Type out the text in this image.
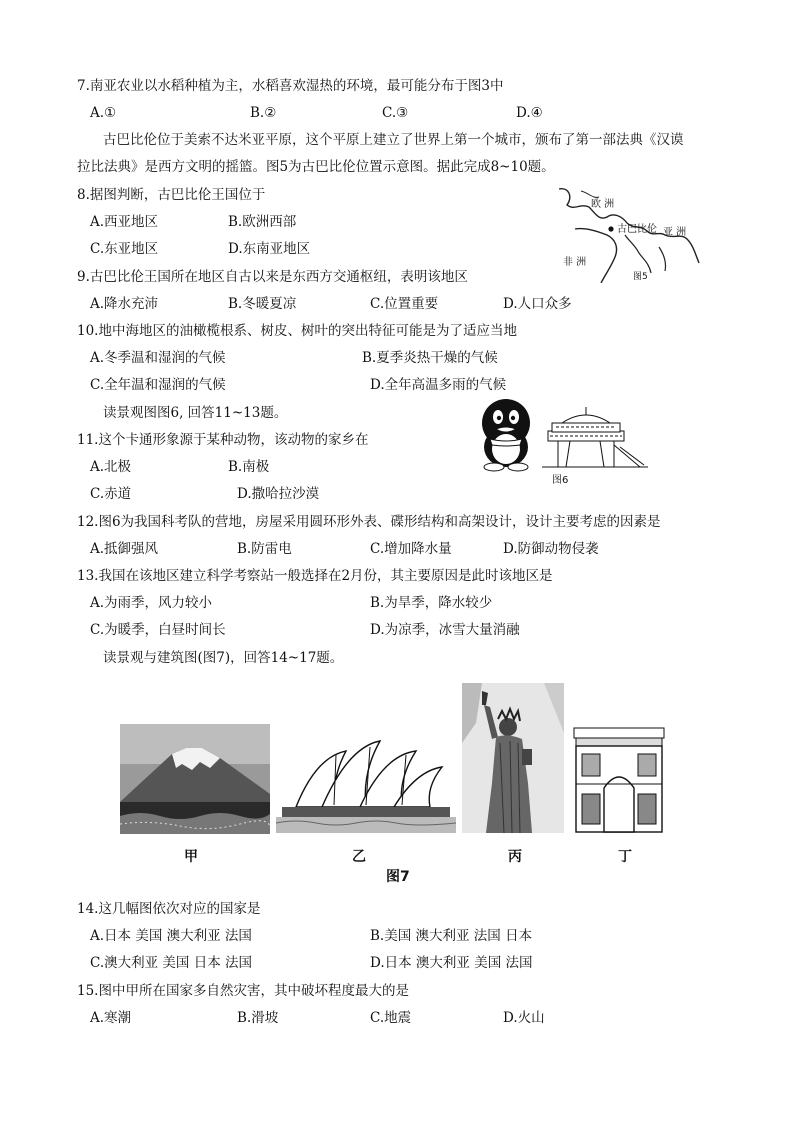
7.南亚农业以水稻种植为主，水稻喜欢湿热的环境，最可能分布于图3中
A.①	B.②	C.③	D.④
古巴比伦位于美索不达米亚平原，这个平原上建立了世界上第一个城市，颁布了第一部法典《汉谟
拉比法典》是西方文明的摇篮。图5为古巴比伦位置示意图。据此完成8~10题。
8.据图判断，古巴比伦王国位于
A.西亚地区	B.欧洲西部
C.东亚地区	D.东南亚地区
欧 洲
古巴比伦 亚 洲
非 洲
图5
9.古巴比伦王国所在地区自古以来是东西方交通枢纽，表明该地区
A.降水充沛	B.冬暖夏凉	C.位置重要	D.人口众多
10.地中海地区的油橄榄根系、树皮、树叶的突出特征可能是为了适应当地
A.冬季温和湿润的气候	B.夏季炎热干燥的气候
C.全年温和湿润的气候	D.全年高温多雨的气候
读景观图图6, 回答11~13题。
图6
11.这个卡通形象源于某种动物，该动物的家乡在
A.北极	B.南极
C.赤道	D.撒哈拉沙漠
12.图6为我国科考队的营地，房屋采用圆环形外表、碟形结构和高架设计，设计主要考虑的因素是
A.抵御强风	B.防雷电	C.增加降水量	D.防御动物侵袭
13.我国在该地区建立科学考察站一般选择在2月份，其主要原因是此时该地区是
A.为雨季，风力较小	B.为旱季，降水较少
C.为暖季，白昼时间长	D.为凉季，冰雪大量消融
读景观与建筑图(图7)，回答14~17题。
甲	乙	丙	丁
图7
14.这几幅图依次对应的国家是
A.日本 美国 澳大利亚 法国	B.美国 澳大利亚 法国 日本
C.澳大利亚 美国 日本 法国	D.日本 澳大利亚 美国 法国
15.图中甲所在国家多自然灾害，其中破坏程度最大的是
A.寒潮	B.滑坡	C.地震	D.火山
